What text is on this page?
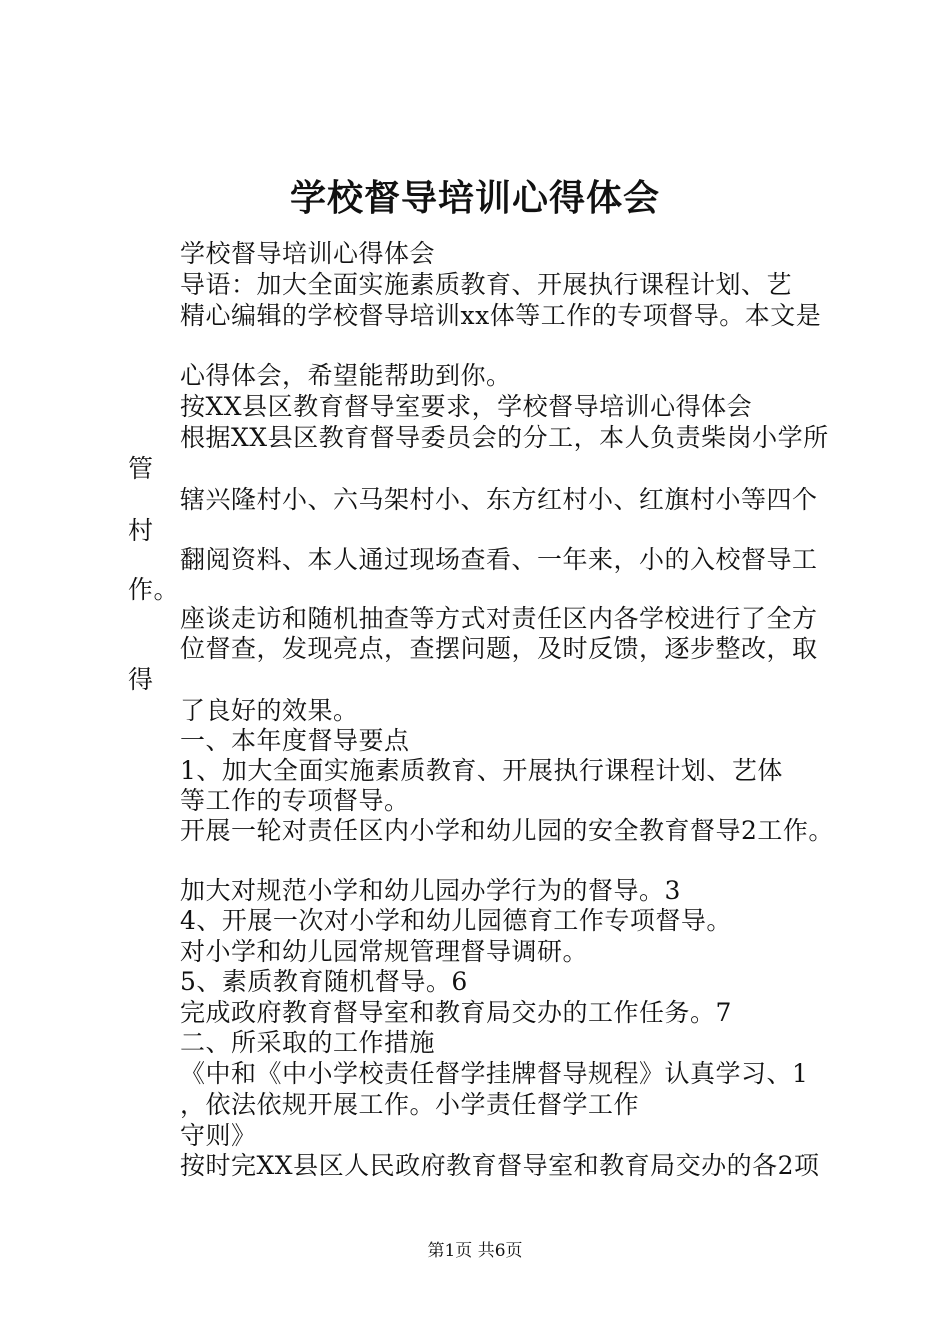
学校督导培训心得体会
学校督导培训心得体会
导语：加大全面实施素质教育、开展执行课程计划、艺
精心编辑的学校督导培训xx体等工作的专项督导。本文是
心得体会，希望能帮助到你。
按XX县区教育督导室要求，学校督导培训心得体会
根据XX县区教育督导委员会的分工，本人负责柴岗小学所
管
辖兴隆村小、六马架村小、东方红村小、红旗村小等四个
村
翻阅资料、本人通过现场查看、一年来，小的入校督导工
作。
座谈走访和随机抽查等方式对责任区内各学校进行了全方
位督查，发现亮点，查摆问题，及时反馈，逐步整改，取
得
了良好的效果。
一、本年度督导要点
1、加大全面实施素质教育、开展执行课程计划、艺体
等工作的专项督导。
开展一轮对责任区内小学和幼儿园的安全教育督导2工作。
加大对规范小学和幼儿园办学行为的督导。3
4、开展一次对小学和幼儿园德育工作专项督导。
对小学和幼儿园常规管理督导调研。
5、素质教育随机督导。6
完成政府教育督导室和教育局交办的工作任务。7
二、所采取的工作措施
《中和《中小学校责任督学挂牌督导规程》认真学习、1
，依法依规开展工作。小学责任督学工作
守则》
按时完XX县区人民政府教育督导室和教育局交办的各2项
第1页 共6页
